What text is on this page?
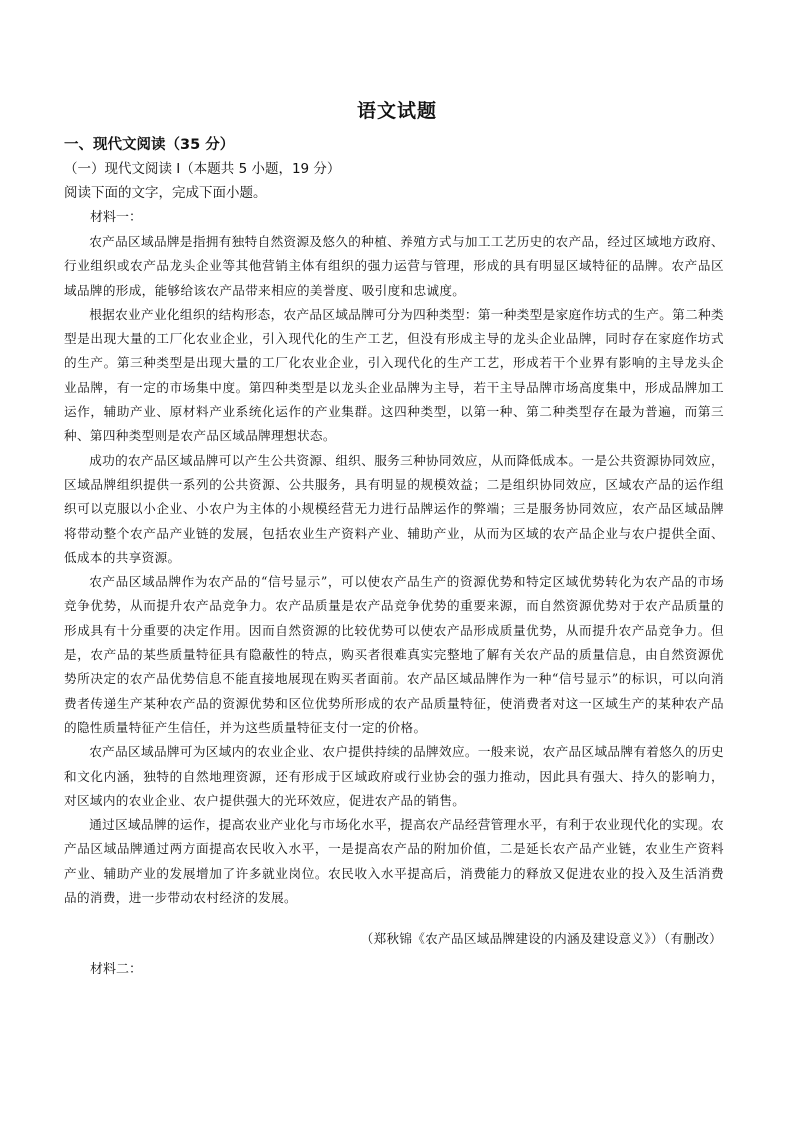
语文试题
一、现代文阅读（35 分）
（一）现代文阅读 I（本题共 5 小题，19 分）
阅读下面的文字，完成下面小题。
材料一：

农产品区域品牌是指拥有独特自然资源及悠久的种植、养殖方式与加工工艺历史的农产品，经过区域地方政府、行业组织或农产品龙头企业等其他营销主体有组织的强力运营与管理，形成的具有明显区域特征的品牌。农产品区域品牌的形成，能够给该农产品带来相应的美誉度、吸引度和忠诚度。

根据农业产业化组织的结构形态，农产品区域品牌可分为四种类型：第一种类型是家庭作坊式的生产。第二种类型是出现大量的工厂化农业企业，引入现代化的生产工艺，但没有形成主导的龙头企业品牌，同时存在家庭作坊式的生产。第三种类型是出现大量的工厂化农业企业，引入现代化的生产工艺，形成若干个业界有影响的主导龙头企业品牌，有一定的市场集中度。第四种类型是以龙头企业品牌为主导，若干主导品牌市场高度集中，形成品牌加工运作，辅助产业、原材料产业系统化运作的产业集群。这四种类型，以第一种、第二种类型存在最为普遍，而第三种、第四种类型则是农产品区域品牌理想状态。

成功的农产品区域品牌可以产生公共资源、组织、服务三种协同效应，从而降低成本。一是公共资源协同效应，区域品牌组织提供一系列的公共资源、公共服务，具有明显的规模效益；二是组织协同效应，区域农产品的运作组织可以克服以小企业、小农户为主体的小规模经营无力进行品牌运作的弊端；三是服务协同效应，农产品区域品牌将带动整个农产品产业链的发展，包括农业生产资料产业、辅助产业，从而为区域的农产品企业与农户提供全面、低成本的共享资源。

农产品区域品牌作为农产品的“信号显示”，可以使农产品生产的资源优势和特定区域优势转化为农产品的市场竞争优势，从而提升农产品竞争力。农产品质量是农产品竞争优势的重要来源，而自然资源优势对于农产品质量的形成具有十分重要的决定作用。因而自然资源的比较优势可以使农产品形成质量优势，从而提升农产品竞争力。但是，农产品的某些质量特征具有隐蔽性的特点，购买者很难真实完整地了解有关农产品的质量信息，由自然资源优势所决定的农产品优势信息不能直接地展现在购买者面前。农产品区域品牌作为一种“信号显示”的标识，可以向消费者传递生产某种农产品的资源优势和区位优势所形成的农产品质量特征，使消费者对这一区域生产的某种农产品的隐性质量特征产生信任，并为这些质量特征支付一定的价格。

农产品区域品牌可为区域内的农业企业、农户提供持续的品牌效应。一般来说，农产品区域品牌有着悠久的历史和文化内涵，独特的自然地理资源，还有形成于区域政府或行业协会的强力推动，因此具有强大、持久的影响力，对区域内的农业企业、农户提供强大的光环效应，促进农产品的销售。

通过区域品牌的运作，提高农业产业化与市场化水平，提高农产品经营管理水平，有利于农业现代化的实现。农产品区域品牌通过两方面提高农民收入水平，一是提高农产品的附加价值，二是延长农产品产业链，农业生产资料产业、辅助产业的发展增加了许多就业岗位。农民收入水平提高后，消费能力的释放又促进农业的投入及生活消费品的消费，进一步带动农村经济的发展。

（郑秋锦《农产品区域品牌建设的内涵及建设意义》）（有删改）
材料二：
